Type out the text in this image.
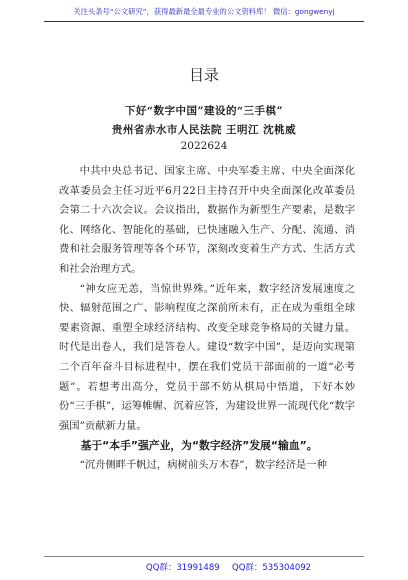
关注头条号“公文研究”，获得最新最全最专业的公文资料库！ 微信：gongwenyj
目录
下好“数字中国”建设的“三手棋”
贵州省赤水市人民法院 王明江 沈桃威
2022624

中共中央总书记、国家主席、中央军委主席、中央全面深化改革委员会主任习近平6月22日主持召开中央全面深化改革委员会第二十六次会议。会议指出，数据作为新型生产要素，是数字化、网络化、智能化的基础，已快速融入生产、分配、流通、消费和社会服务管理等各个环节，深刻改变着生产方式、生活方式和社会治理方式。

“神女应无恙，当惊世界殊。”近年来，数字经济发展速度之快、辐射范围之广、影响程度之深前所未有，正在成为重组全球要素资源、重塑全球经济结构、改变全球竞争格局的关键力量。时代是出卷人，我们是答卷人。建设“数字中国”，是迈向实现第二个百年奋斗目标进程中，摆在我们党员干部面前的一道“必考题”。若想考出高分，党员干部不妨从棋局中悟道，下好本妙份“三手棋”，运筹帷幄、沉着应答，为建设世界一流现代化“数字强国”贡献新力量。

基于“本手”强产业，为“数字经济”发展“输血”。

“沉舟侧畔千帆过，病树前头万木春”，数字经济是一种

QQ群：31991489 QQ群：535304092
